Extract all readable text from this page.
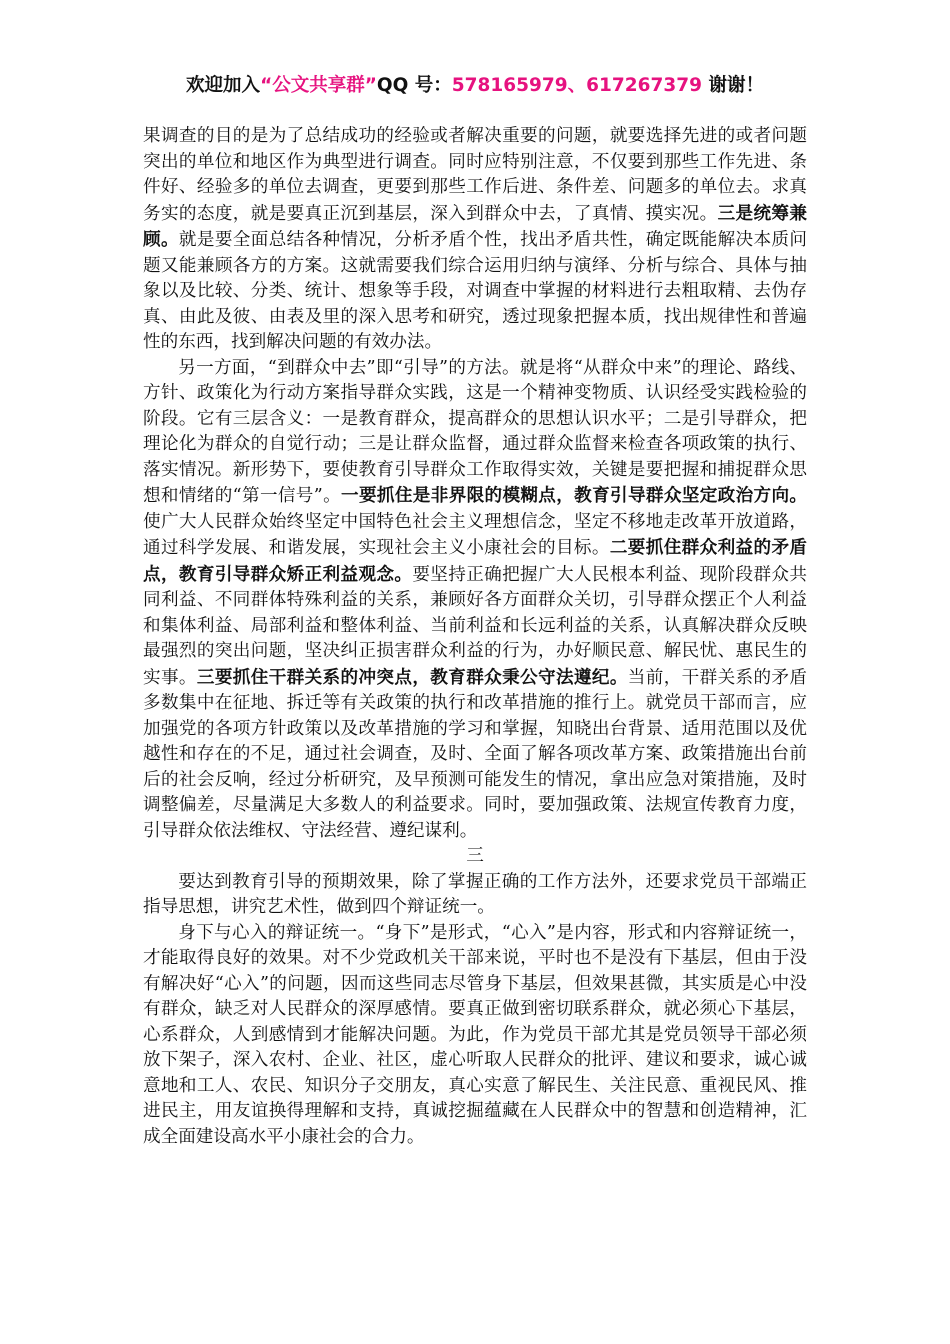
欢迎加入“公文共享群”QQ 号：578165979、617267379 谢谢！

果调查的目的是为了总结成功的经验或者解决重要的问题，就要选择先进的或者问题突出的单位和地区作为典型进行调查。同时应特别注意，不仅要到那些工作先进、条件好、经验多的单位去调查，更要到那些工作后进、条件差、问题多的单位去。求真务实的态度，就是要真正沉到基层，深入到群众中去，了真情、摸实况。三是统筹兼顾。就是要全面总结各种情况，分析矛盾个性，找出矛盾共性，确定既能解决本质问题又能兼顾各方的方案。这就需要我们综合运用归纳与演绎、分析与综合、具体与抽象以及比较、分类、统计、想象等手段，对调查中掌握的材料进行去粗取精、去伪存真、由此及彼、由表及里的深入思考和研究，透过现象把握本质，找出规律性和普遍性的东西，找到解决问题的有效办法。

另一方面，“到群众中去”即“引导”的方法。就是将“从群众中来”的理论、路线、方针、政策化为行动方案指导群众实践，这是一个精神变物质、认识经受实践检验的阶段。它有三层含义：一是教育群众，提高群众的思想认识水平；二是引导群众，把理论化为群众的自觉行动；三是让群众监督，通过群众监督来检查各项政策的执行、落实情况。新形势下，要使教育引导群众工作取得实效，关键是要把握和捕捉群众思想和情绪的“第一信号”。一要抓住是非界限的模糊点，教育引导群众坚定政治方向。使广大人民群众始终坚定中国特色社会主义理想信念，坚定不移地走改革开放道路，通过科学发展、和谐发展，实现社会主义小康社会的目标。二要抓住群众利益的矛盾点，教育引导群众矫正利益观念。要坚持正确把握广大人民根本利益、现阶段群众共同利益、不同群体特殊利益的关系，兼顾好各方面群众关切，引导群众摆正个人利益和集体利益、局部利益和整体利益、当前利益和长远利益的关系，认真解决群众反映最强烈的突出问题，坚决纠正损害群众利益的行为，办好顺民意、解民忧、惠民生的实事。三要抓住干群关系的冲突点，教育群众秉公守法遵纪。当前，干群关系的矛盾多数集中在征地、拆迁等有关政策的执行和改革措施的推行上。就党员干部而言，应加强党的各项方针政策以及改革措施的学习和掌握，知晓出台背景、适用范围以及优越性和存在的不足，通过社会调查，及时、全面了解各项改革方案、政策措施出台前后的社会反响，经过分析研究，及早预测可能发生的情况，拿出应急对策措施，及时调整偏差，尽量满足大多数人的利益要求。同时，要加强政策、法规宣传教育力度，引导群众依法维权、守法经营、遵纪谋利。

三

要达到教育引导的预期效果，除了掌握正确的工作方法外，还要求党员干部端正指导思想，讲究艺术性，做到四个辩证统一。

身下与心入的辩证统一。“身下”是形式，“心入”是内容，形式和内容辩证统一，才能取得良好的效果。对不少党政机关干部来说，平时也不是没有下基层，但由于没有解决好“心入”的问题，因而这些同志尽管身下基层，但效果甚微，其实质是心中没有群众，缺乏对人民群众的深厚感情。要真正做到密切联系群众，就必须心下基层，心系群众，人到感情到才能解决问题。为此，作为党员干部尤其是党员领导干部必须放下架子，深入农村、企业、社区，虚心听取人民群众的批评、建议和要求，诚心诚意地和工人、农民、知识分子交朋友，真心实意了解民生、关注民意、重视民风、推进民主，用友谊换得理解和支持，真诚挖掘蕴藏在人民群众中的智慧和创造精神，汇成全面建设高水平小康社会的合力。
